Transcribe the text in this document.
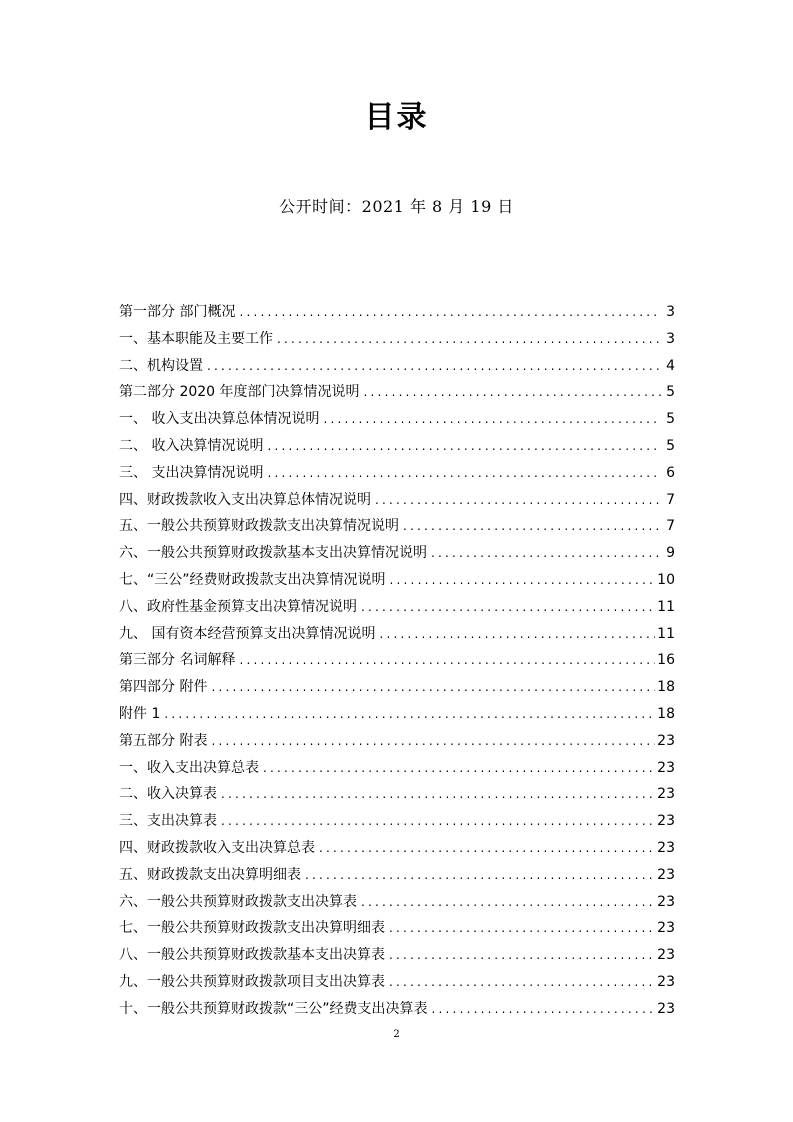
目录
公开时间：2021 年 8 月 19 日
第一部分 部门概况 .....	3
一、基本职能及主要工作 .....	3
二、机构设置 .....	4
第二部分 2020 年度部门决算情况说明 .....	5
一、 收入支出决算总体情况说明 .....	5
二、 收入决算情况说明 .....	5
三、 支出决算情况说明 .....	6
四、财政拨款收入支出决算总体情况说明 .....	7
五、一般公共预算财政拨款支出决算情况说明 .....	7
六、一般公共预算财政拨款基本支出决算情况说明 .....	9
七、“三公”经费财政拨款支出决算情况说明 .....	10
八、政府性基金预算支出决算情况说明 .....	11
九、 国有资本经营预算支出决算情况说明 .....	11
第三部分 名词解释 .....	16
第四部分 附件 .....	18
附件 1 .....	18
第五部分 附表 .....	23
一、收入支出决算总表 .....	23
二、收入决算表 .....	23
三、支出决算表 .....	23
四、财政拨款收入支出决算总表 .....	23
五、财政拨款支出决算明细表 .....	23
六、一般公共预算财政拨款支出决算表 .....	23
七、一般公共预算财政拨款支出决算明细表 .....	23
八、一般公共预算财政拨款基本支出决算表 .....	23
九、一般公共预算财政拨款项目支出决算表 .....	23
十、一般公共预算财政拨款“三公”经费支出决算表 .....	23
2
